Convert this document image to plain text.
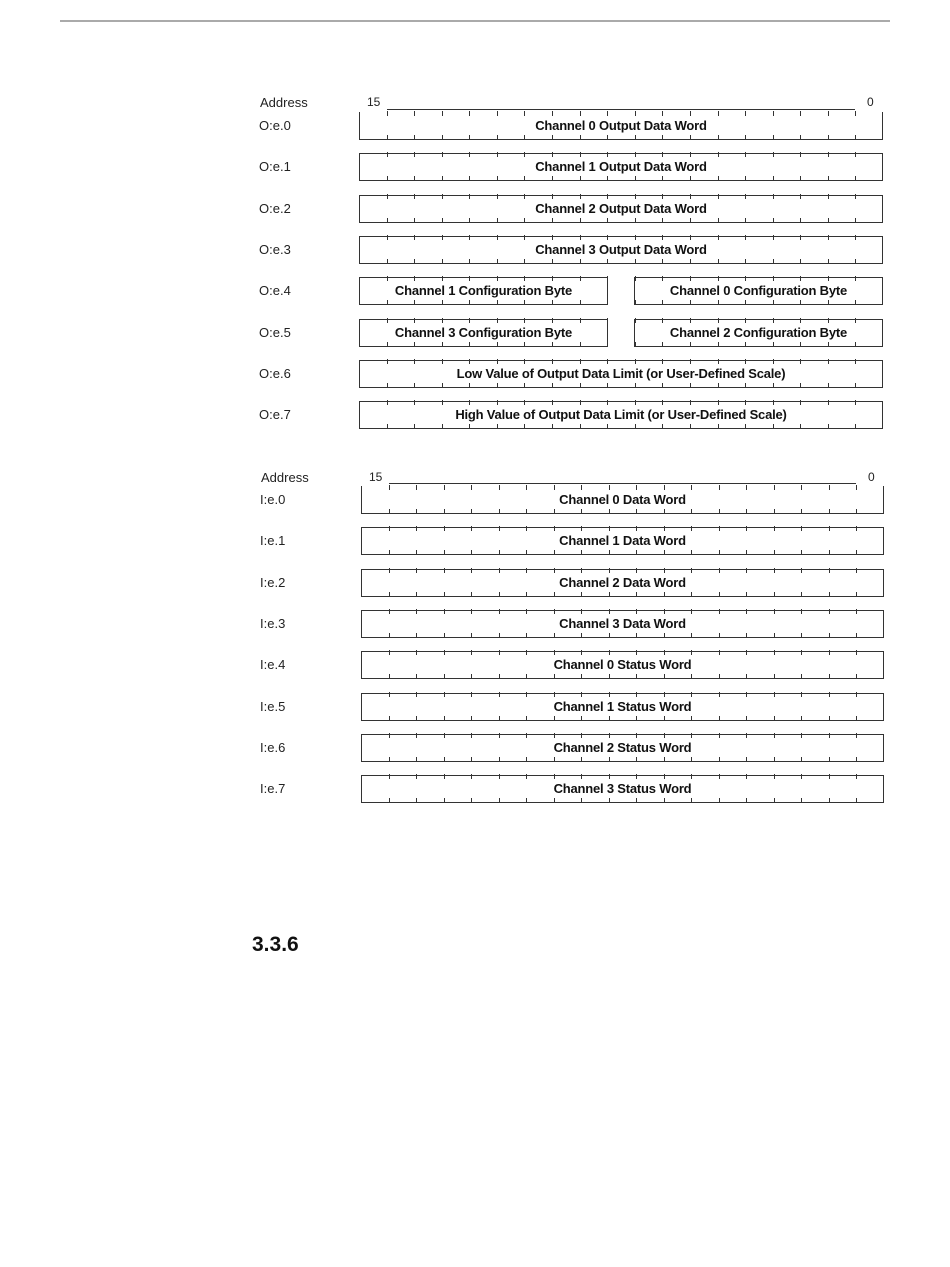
Address	15	0
O:e.0	Channel 0 Output Data Word
O:e.1	Channel 1 Output Data Word
O:e.2	Channel 2 Output Data Word
O:e.3	Channel 3 Output Data Word
O:e.4	Channel 1 Configuration Byte	Channel 0 Configuration Byte
O:e.5	Channel 3 Configuration Byte	Channel 2 Configuration Byte
O:e.6	Low Value of Output Data Limit (or User-Defined Scale)
O:e.7	High Value of Output Data Limit (or User-Defined Scale)
Address	15	0
I:e.0	Channel 0 Data Word
I:e.1	Channel 1 Data Word
I:e.2	Channel 2 Data Word
I:e.3	Channel 3 Data Word
I:e.4	Channel 0 Status Word
I:e.5	Channel 1 Status Word
I:e.6	Channel 2 Status Word
I:e.7	Channel 3 Status Word
3.3.6
